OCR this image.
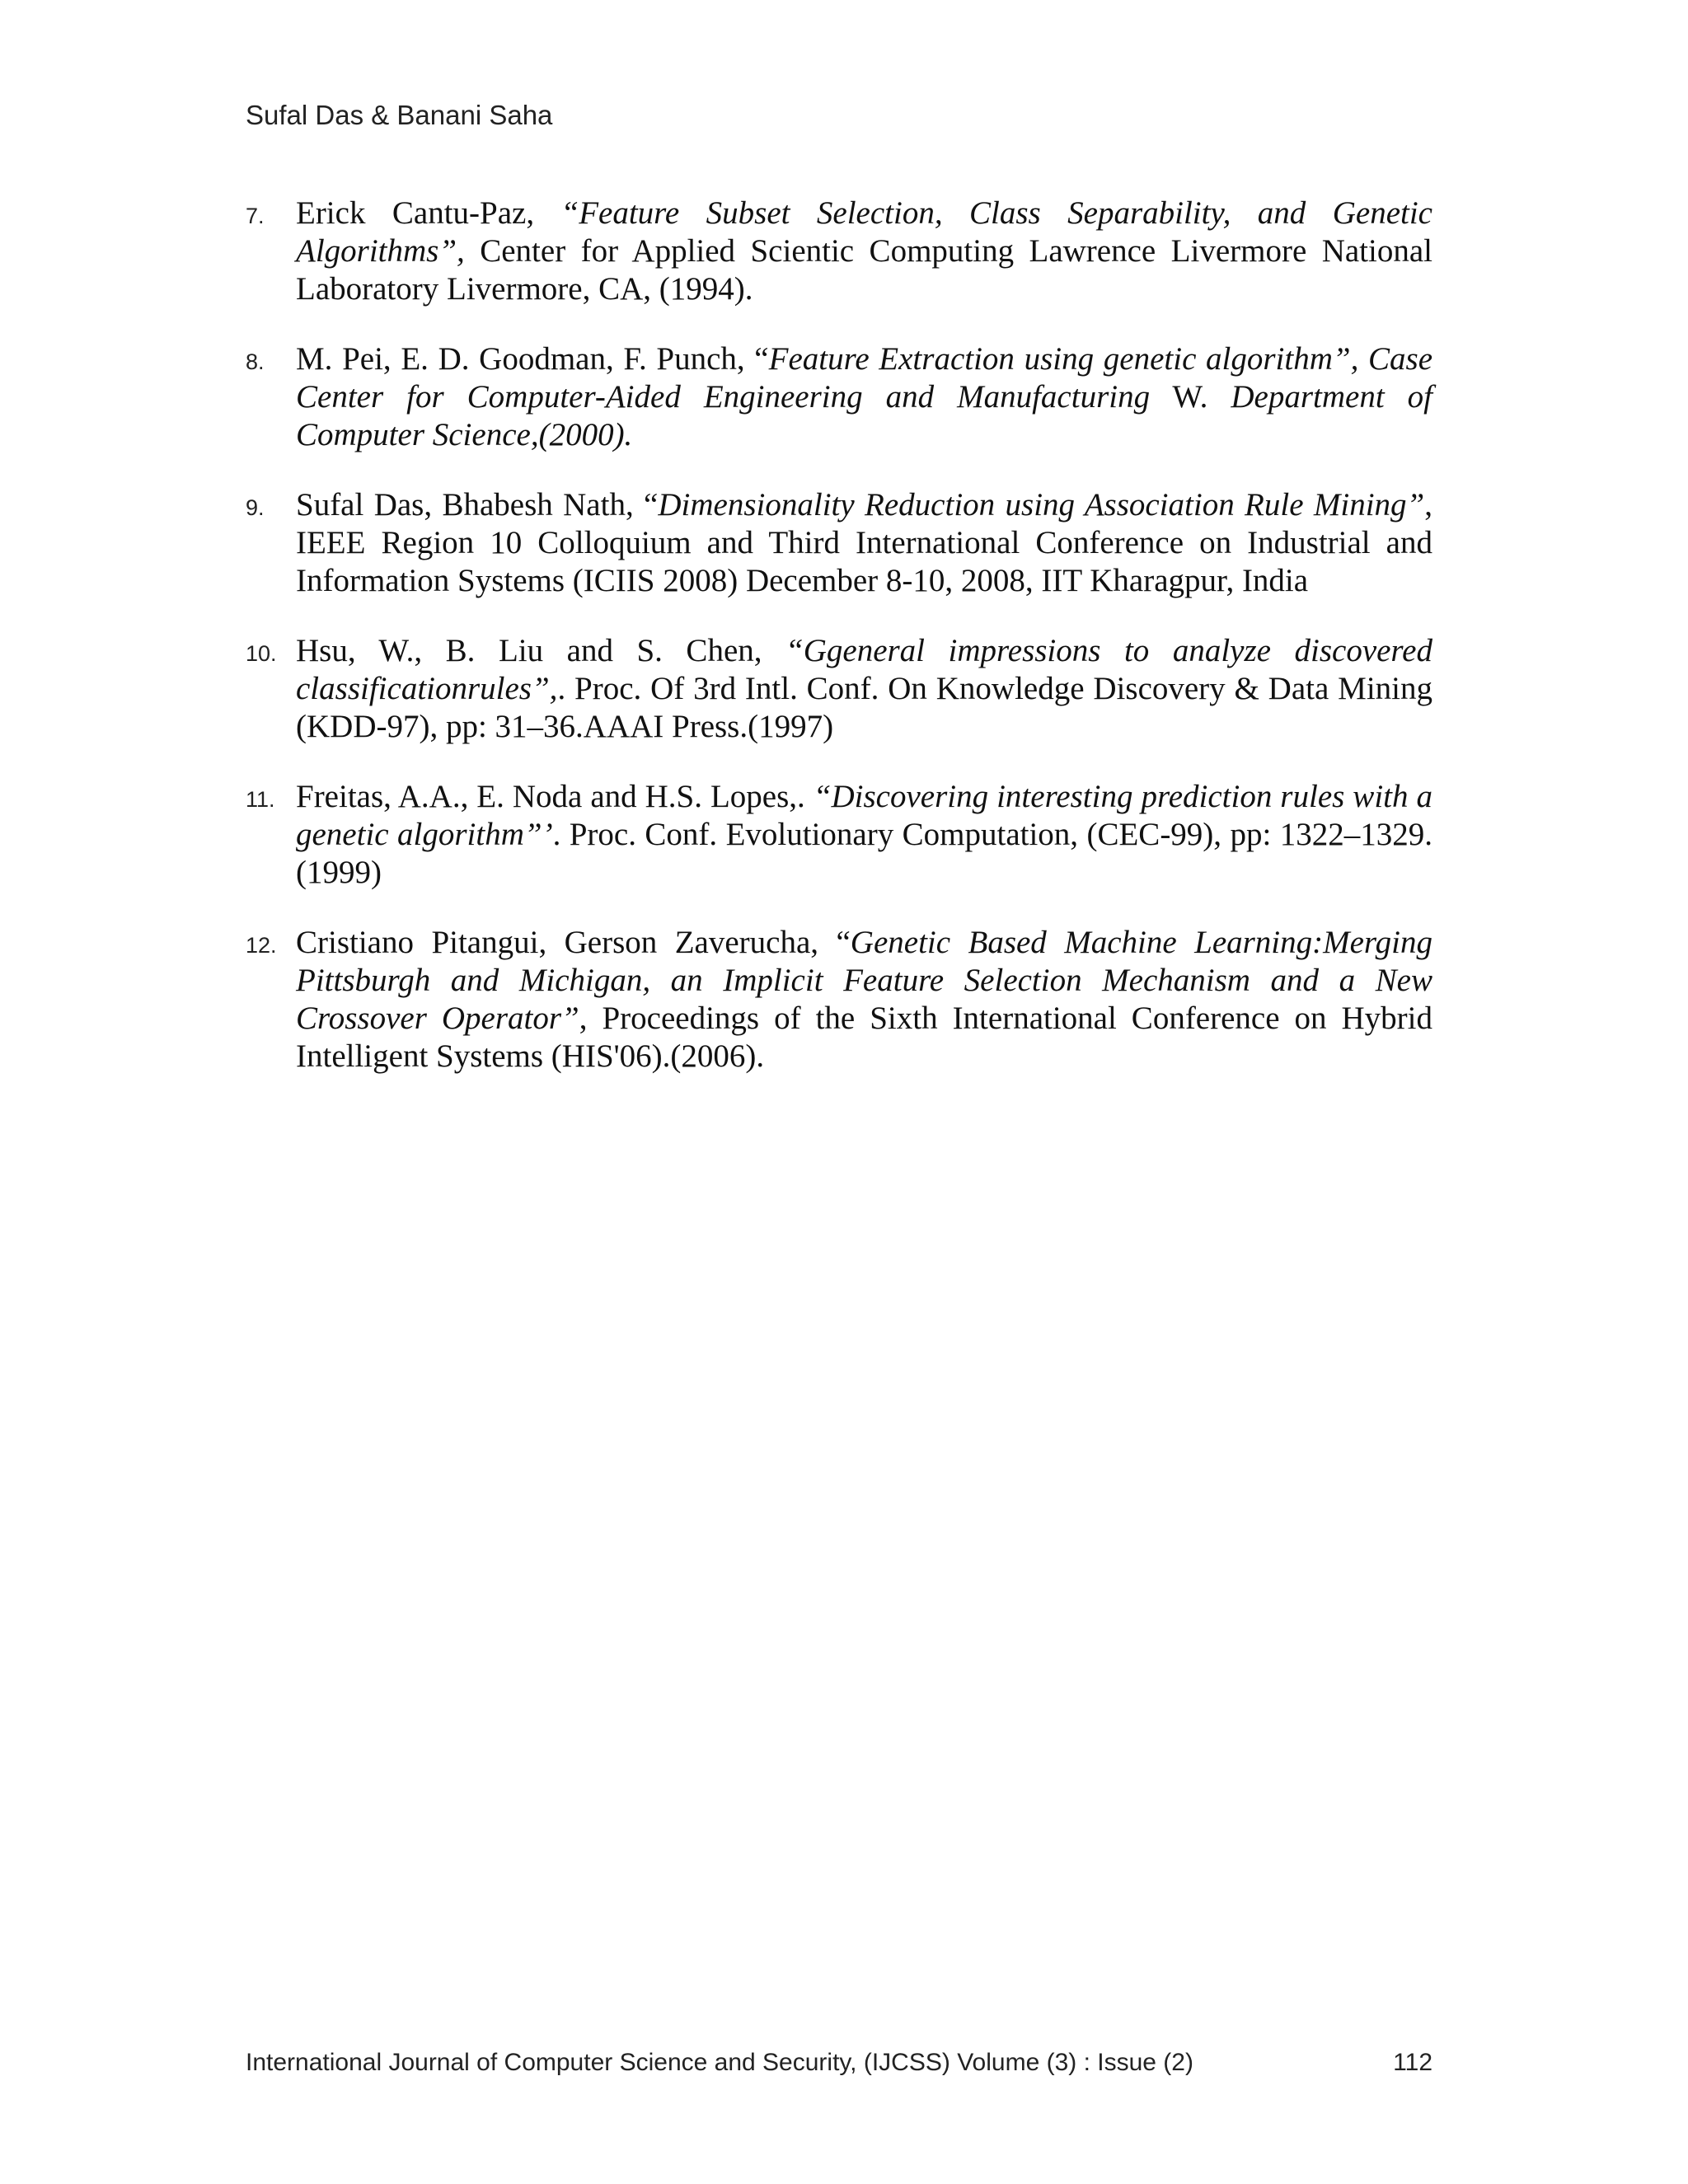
Sufal Das & Banani Saha
7. Erick Cantu-Paz, “Feature Subset Selection, Class Separability, and Genetic Algorithms”, Center for Applied Scientic Computing Lawrence Livermore National Laboratory Livermore, CA, (1994).
8. M. Pei, E. D. Goodman, F. Punch, “Feature Extraction using genetic algorithm”, Case Center for Computer-Aided Engineering and Manufacturing W. Department of Computer Science,(2000).
9. Sufal Das, Bhabesh Nath, “Dimensionality Reduction using Association Rule Mining”, IEEE Region 10 Colloquium and Third International Conference on Industrial and Information Systems (ICIIS 2008) December 8-10, 2008, IIT Kharagpur, India
10. Hsu, W., B. Liu and S. Chen, “Ggeneral impressions to analyze discovered classificationrules”,. Proc. Of 3rd Intl. Conf. On Knowledge Discovery & Data Mining (KDD-97), pp: 31–36.AAAI Press.(1997)
11. Freitas, A.A., E. Noda and H.S. Lopes,. “Discovering interesting prediction rules with a genetic algorithm”’. Proc. Conf. Evolutionary Computation, (CEC-99), pp: 1322–1329.(1999)
12. Cristiano Pitangui, Gerson Zaverucha, “Genetic Based Machine Learning:Merging Pittsburgh and Michigan, an Implicit Feature Selection Mechanism and a New Crossover Operator”, Proceedings of the Sixth International Conference on Hybrid Intelligent Systems (HIS'06).(2006).
International Journal of Computer Science and Security, (IJCSS) Volume (3) : Issue (2)	112
